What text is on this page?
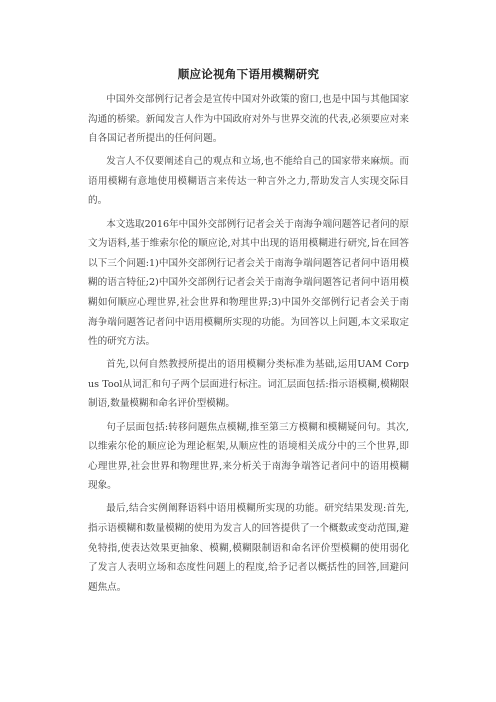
顺应论视角下语用模糊研究

中国外交部例行记者会是宣传中国对外政策的窗口,也是中国与其他国家沟通的桥梁。新闻发言人作为中国政府对外与世界交流的代表,必须要应对来自各国记者所提出的任何问题。

发言人不仅要阐述自己的观点和立场,也不能给自己的国家带来麻烦。而语用模糊有意地使用模糊语言来传达一种言外之力,帮助发言人实现交际目的。

本文选取2016年中国外交部例行记者会关于南海争端问题答记者问的原文为语料,基于维索尔伦的顺应论,对其中出现的语用模糊进行研究,旨在回答以下三个问题:1)中国外交部例行记者会关于南海争端问题答记者问中语用模糊的语言特征;2)中国外交部例行记者会关于南海争端问题答记者问中语用模糊如何顺应心理世界,社会世界和物理世界;3)中国外交部例行记者会关于南海争端问题答记者问中语用模糊所实现的功能。为回答以上问题,本文采取定性的研究方法。

首先,以何自然教授所提出的语用模糊分类标准为基础,运用UAM Corpus Tool从词汇和句子两个层面进行标注。词汇层面包括:指示语模糊,模糊限制语,数量模糊和命名评价型模糊。

句子层面包括:转移问题焦点模糊,推至第三方模糊和模糊疑问句。其次,以维索尔伦的顺应论为理论框架,从顺应性的语境相关成分中的三个世界,即心理世界,社会世界和物理世界,来分析关于南海争端答记者问中的语用模糊现象。

最后,结合实例阐释语料中语用模糊所实现的功能。研究结果发现:首先,指示语模糊和数量模糊的使用为发言人的回答提供了一个概数或变动范围,避免特指,使表达效果更抽象、模糊,模糊限制语和命名评价型模糊的使用弱化了发言人表明立场和态度性问题上的程度,给予记者以概括性的回答,回避问题焦点。
